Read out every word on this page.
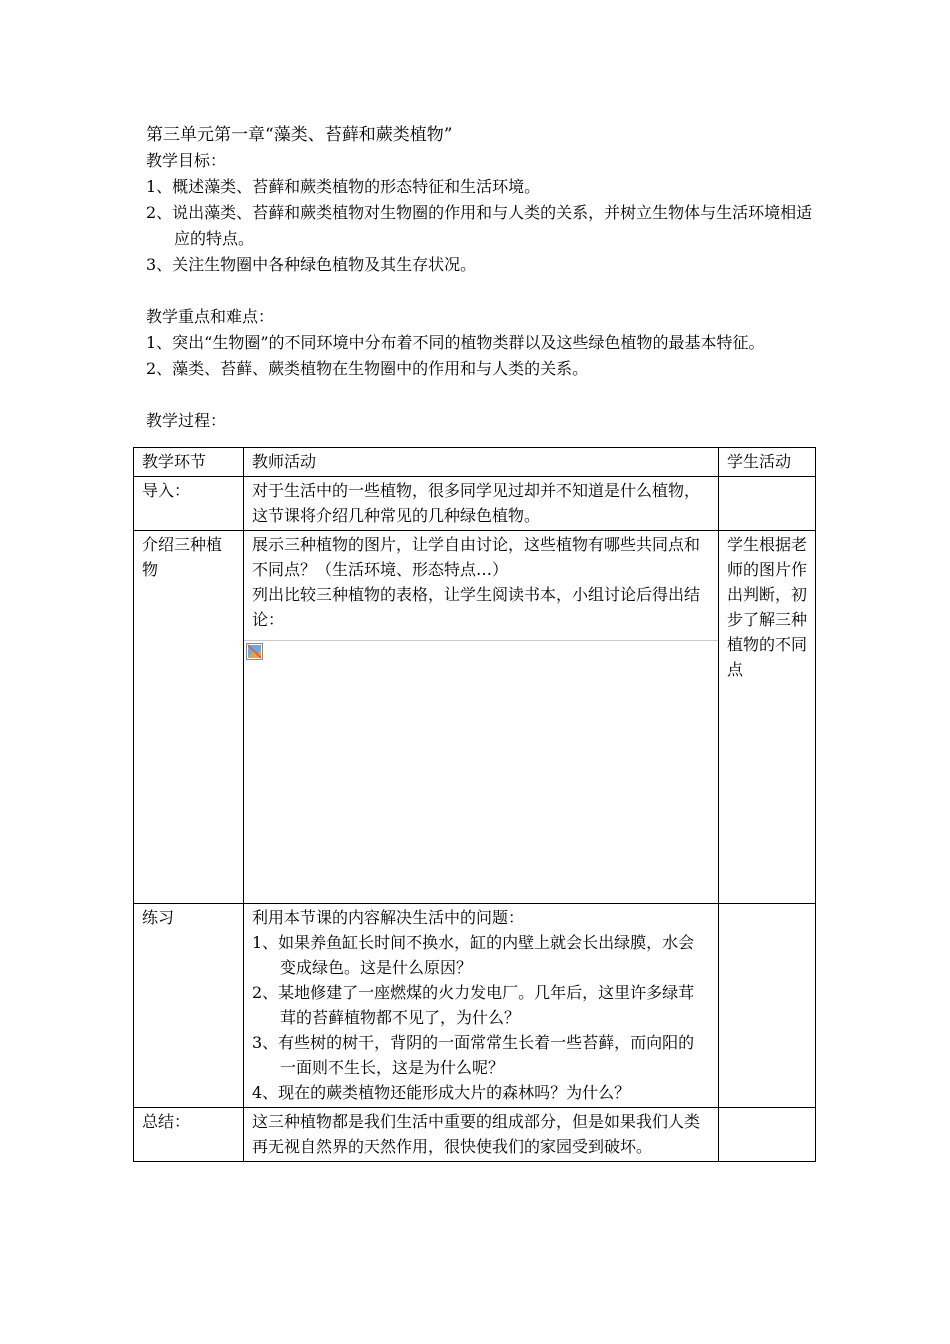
第三单元第一章“藻类、苔藓和蕨类植物”

教学目标：

1、概述藻类、苔藓和蕨类植物的形态特征和生活环境。

2、说出藻类、苔藓和蕨类植物对生物圈的作用和与人类的关系，并树立生物体与生活环境相适应的特点。

3、关注生物圈中各种绿色植物及其生存状况。

教学重点和难点：

1、突出“生物圈”的不同环境中分布着不同的植物类群以及这些绿色植物的最基本特征。

2、藻类、苔藓、蕨类植物在生物圈中的作用和与人类的关系。

教学过程：

教学环节	教师活动	学生活动
导入：	对于生活中的一些植物，很多同学见过却并不知道是什么植物，这节课将介绍几种常见的几种绿色植物。	

介绍三种植物	展示三种植物的图片，让学自由讨论，这些植物有哪些共同点和不同点？（生活环境、形态特点…）
列出比较三种植物的表格，让学生阅读书本，小组讨论后得出结论：	学生根据老师的图片作出判断，初步了解三种植物的不同点
练习	利用本节课的内容解决生活中的问题：
1、如果养鱼缸长时间不换水，缸的内壁上就会长出绿膜，水会变成绿色。这是什么原因？
2、某地修建了一座燃煤的火力发电厂。几年后，这里许多绿茸茸的苔藓植物都不见了，为什么？
3、有些树的树干，背阴的一面常常生长着一些苔藓，而向阳的一面则不生长，这是为什么呢？
4、现在的蕨类植物还能形成大片的森林吗？为什么？	

总结：	这三种植物都是我们生活中重要的组成部分，但是如果我们人类再无视自然界的天然作用，很快使我们的家园受到破坏。	
